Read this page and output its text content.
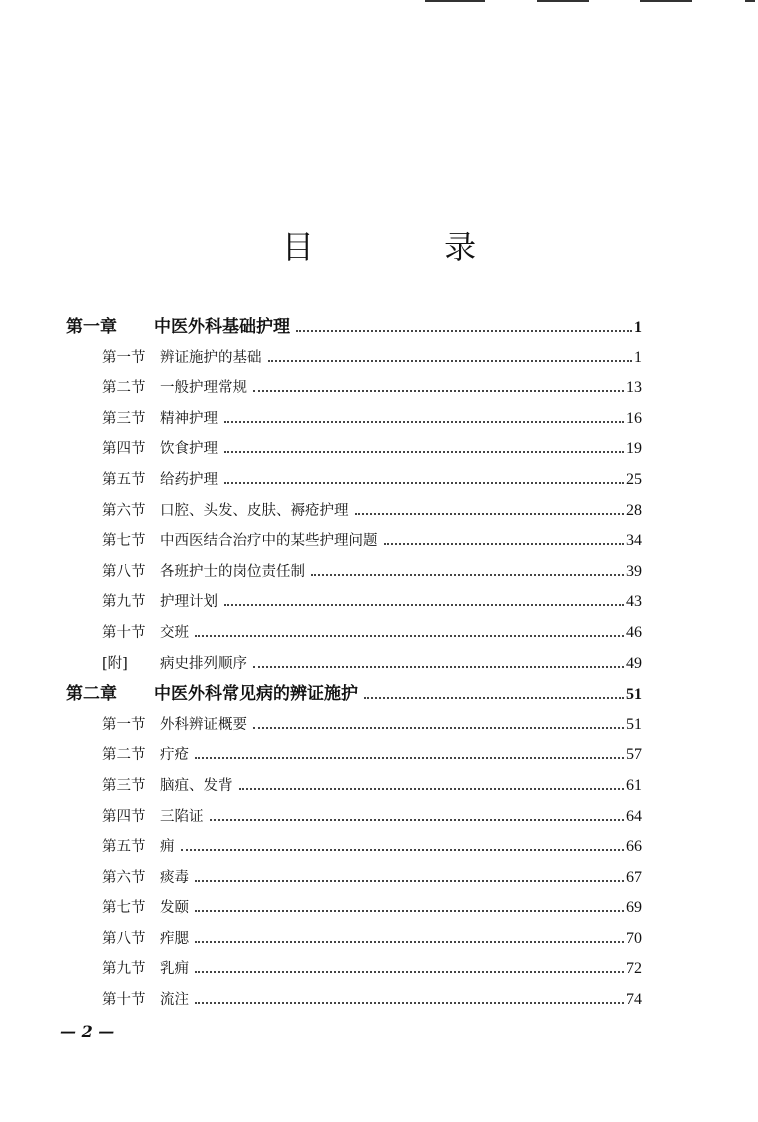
目 录
第一章	中医外科基础护理	1
第一节	辨证施护的基础	1
第二节	一般护理常规	13
第三节	精神护理	16
第四节	饮食护理	19
第五节	给药护理	25
第六节	口腔、头发、皮肤、褥疮护理	28
第七节	中西医结合治疗中的某些护理问题	34
第八节	各班护士的岗位责任制	39
第九节	护理计划	43
第十节	交班	46
[附]	病史排列顺序	49
第二章	中医外科常见病的辨证施护	51
第一节	外科辨证概要	51
第二节	疔疮	57
第三节	脑疽、发背	61
第四节	三陷证	64
第五节	痈	66
第六节	痰毒	67
第七节	发颐	69
第八节	痄腮	70
第九节	乳痈	72
第十节	流注	74
— 2 —
